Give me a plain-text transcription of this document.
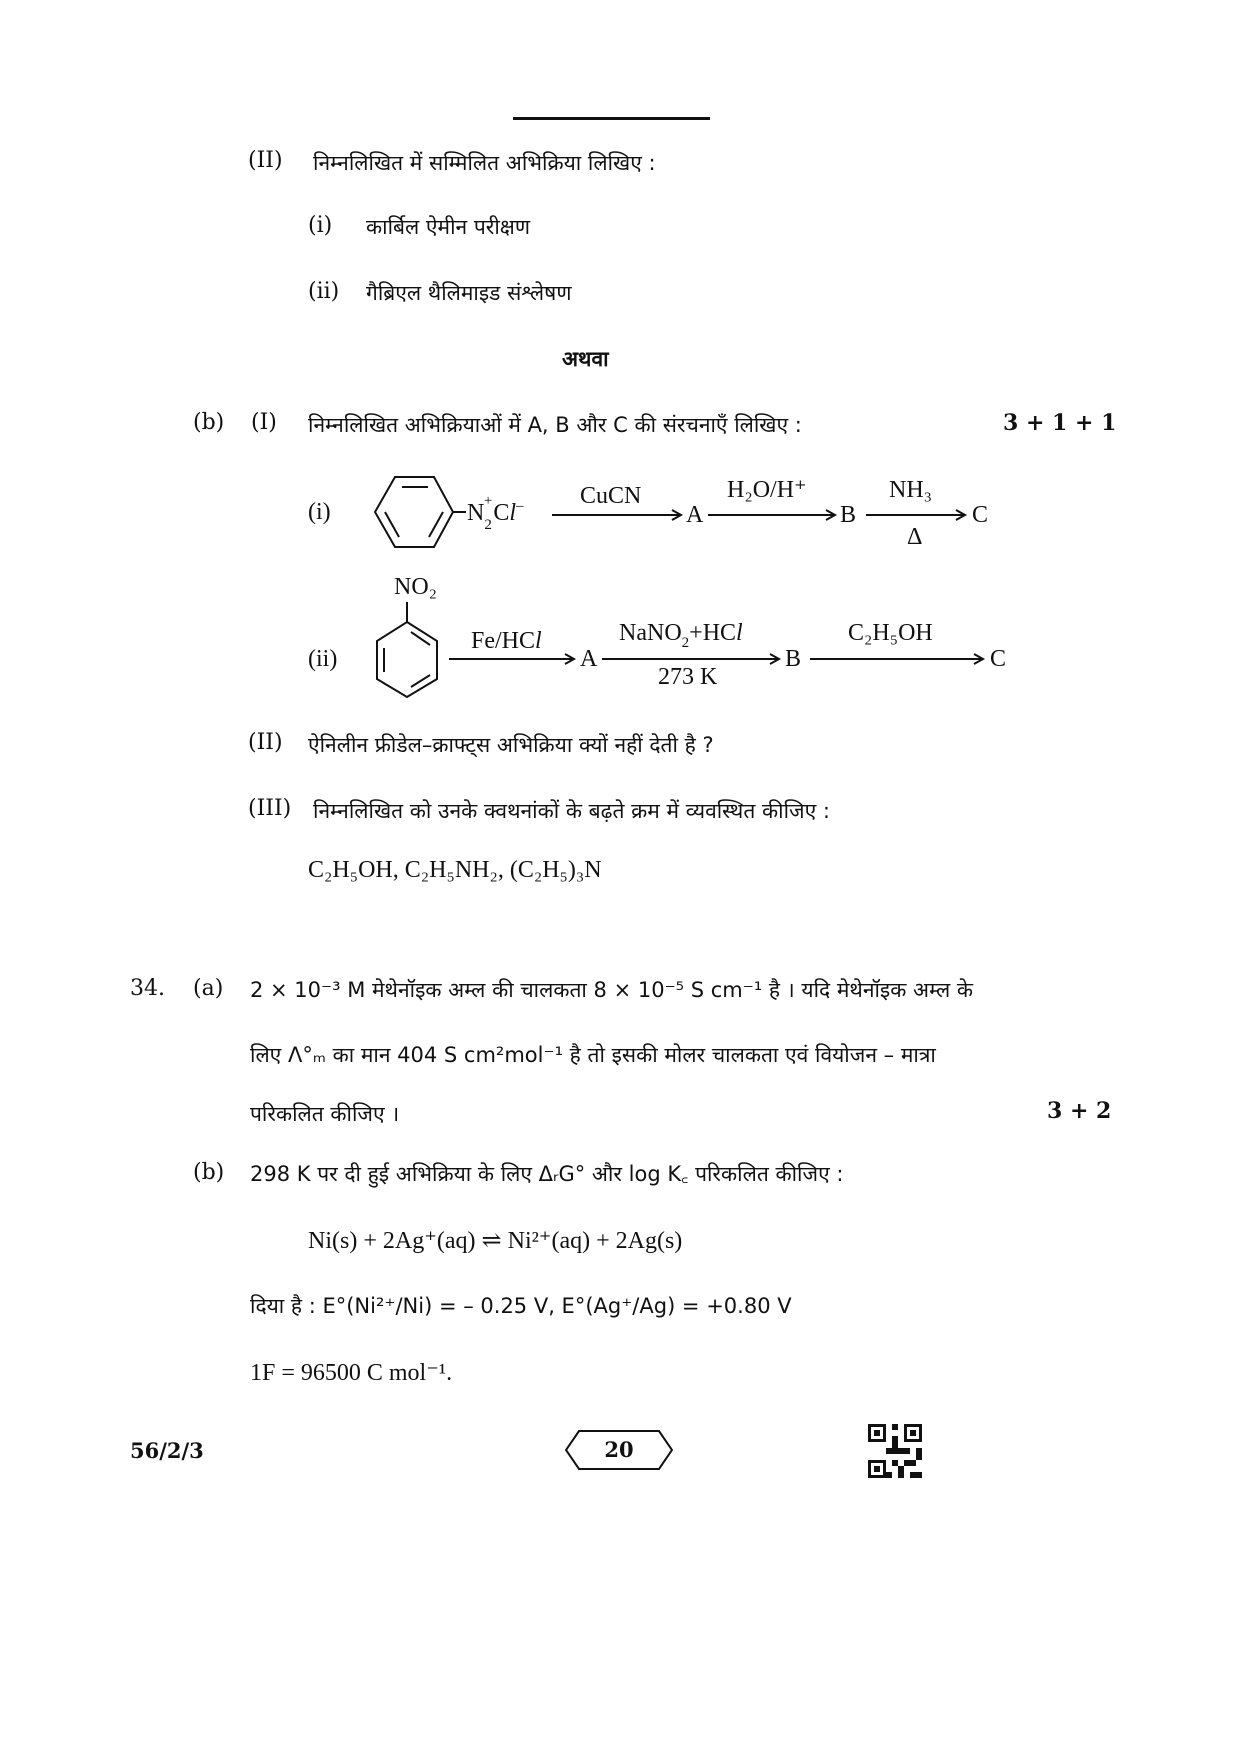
(II) निम्नलिखित में सम्मिलित अभिक्रिया लिखिए :
(i) कार्बिल ऐमीन परीक्षण
(ii) गैब्रिएल थैलिमाइड संश्लेषण
अथवा
(b) (I) निम्नलिखित अभिक्रियाओं में A, B और C की संरचनाएँ लिखिए :	3 + 1 + 1
(i)	$N_2+Cl^-$ CuCN
A
H₂O/H⁺
B
NH₃
Δ
C
NO₂
(ii)
Fe/HCl
A
NaNO$_2$+HCl
273 K
B
C₂H₅OH
C
(II) ऐनिलीन फ्रीडेल–क्राफ्ट्स अभिक्रिया क्यों नहीं देती है ?
(III) निम्नलिखित को उनके क्वथनांकों के बढ़ते क्रम में व्यवस्थित कीजिए :
C₂H₅OH, C₂H₅NH₂, (C₂H₅)₃N
34. (a) 2 × 10⁻³ M मेथेनॉइक अम्ल की चालकता 8 × 10⁻⁵ S cm⁻¹ है । यदि मेथेनॉइक अम्ल के
लिए Λ°ₘ का मान 404 S cm²mol⁻¹ है तो इसकी मोलर चालकता एवं वियोजन – मात्रा
परिकलित कीजिए ।	3 + 2
(b) 298 K पर दी हुई अभिक्रिया के लिए ΔᵣG° और log K꜀ परिकलित कीजिए :
Ni(s) + 2Ag⁺(aq) ⇌ Ni²⁺(aq) + 2Ag(s)
दिया है : E°(Ni²⁺/Ni) = – 0.25 V, E°(Ag⁺/Ag) = +0.80 V
1F = 96500 C mol⁻¹.
56/2/3	20
